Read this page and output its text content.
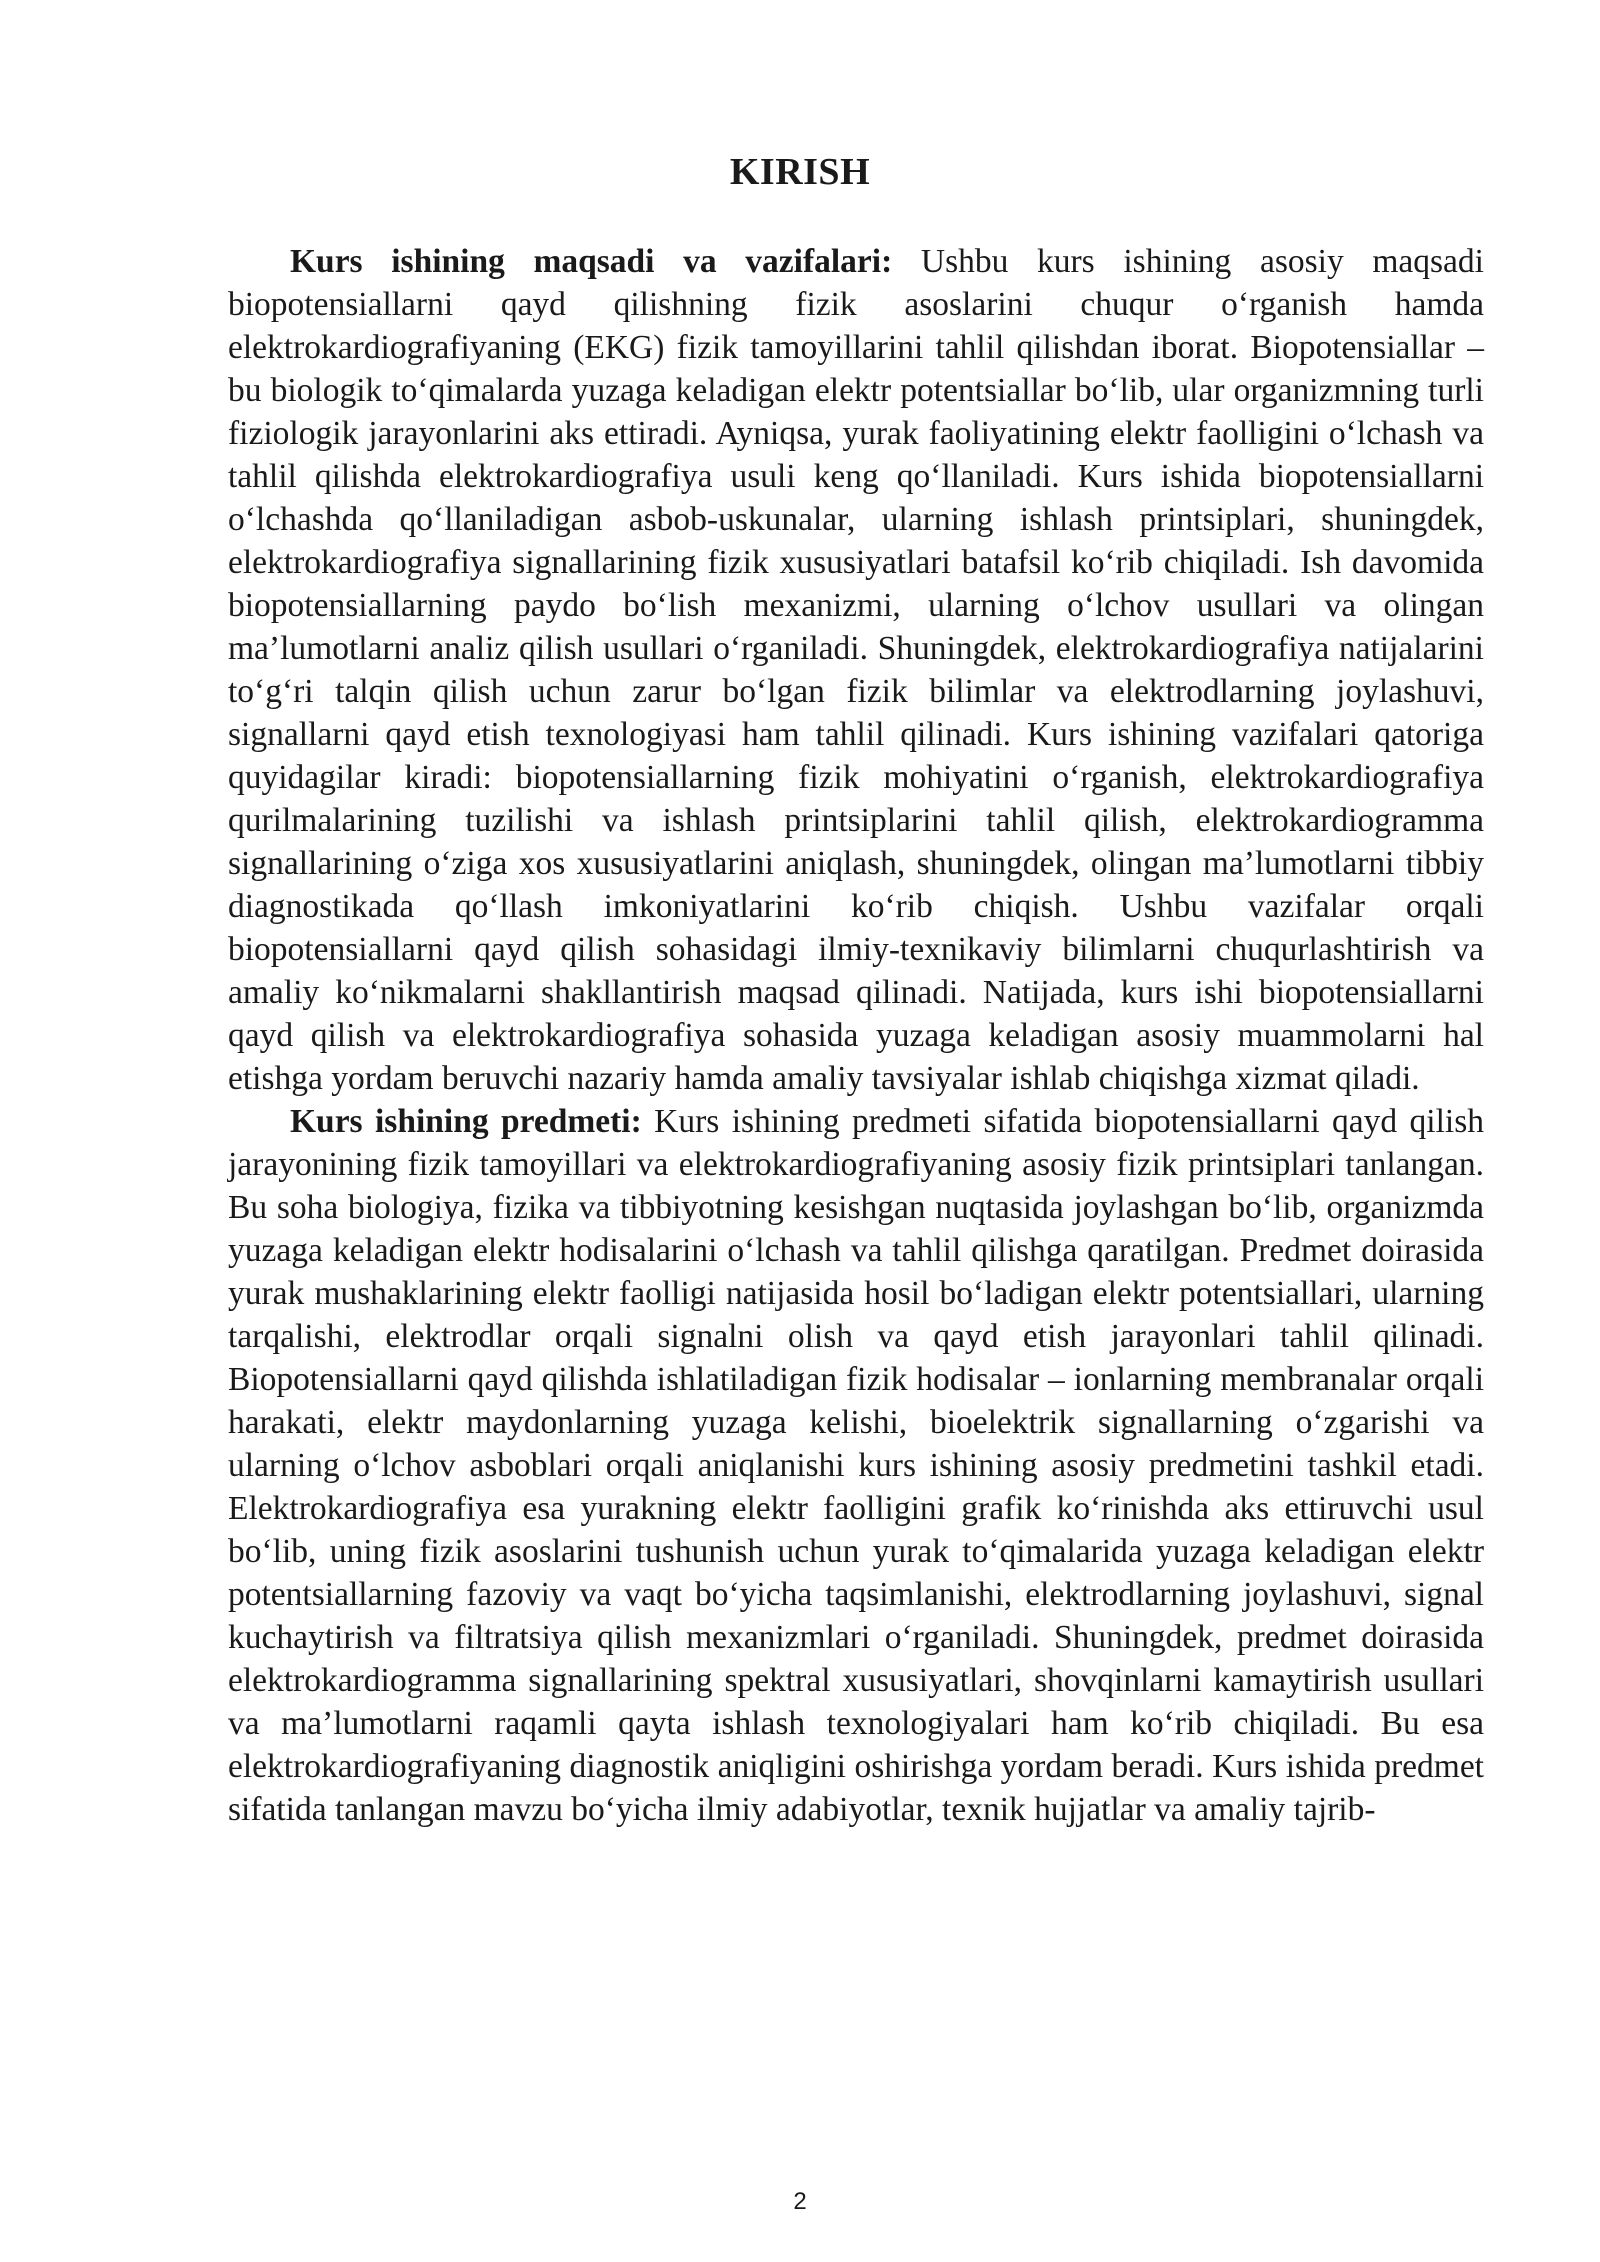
KIRISH

Kurs ishining maqsadi va vazifalari: Ushbu kurs ishining asosiy maqsadi biopotensiallarni qayd qilishning fizik asoslarini chuqur o‘rganish hamda elektrokardiografiyaning (EKG) fizik tamoyillarini tahlil qilishdan iborat. Biopotensiallar – bu biologik to‘qimalarda yuzaga keladigan elektr potentsiallar bo‘lib, ular organizmning turli fiziologik jarayonlarini aks ettiradi. Ayniqsa, yurak faoliyatining elektr faolligini o‘lchash va tahlil qilishda elektrokardiografiya usuli keng qo‘llaniladi. Kurs ishida biopotensiallarni o‘lchashda qo‘llaniladigan asbob-uskunalar, ularning ishlash printsiplari, shuningdek, elektrokardiografiya signallarining fizik xususiyatlari batafsil ko‘rib chiqiladi. Ish davomida biopotensiallarning paydo bo‘lish mexanizmi, ularning o‘lchov usullari va olingan ma’lumotlarni analiz qilish usullari o‘rganiladi. Shuningdek, elektrokardiografiya natijalarini to‘g‘ri talqin qilish uchun zarur bo‘lgan fizik bilimlar va elektrodlarning joylashuvi, signallarni qayd etish texnologiyasi ham tahlil qilinadi. Kurs ishining vazifalari qatoriga quyidagilar kiradi: biopotensiallarning fizik mohiyatini o‘rganish, elektrokardiografiya qurilmalarining tuzilishi va ishlash printsiplarini tahlil qilish, elektrokardiogramma signallarining o‘ziga xos xususiyatlarini aniqlash, shuningdek, olingan ma’lumotlarni tibbiy diagnostikada qo‘llash imkoniyatlarini ko‘rib chiqish. Ushbu vazifalar orqali biopotensiallarni qayd qilish sohasidagi ilmiy-texnikaviy bilimlarni chuqurlashtirish va amaliy ko‘nikmalarni shakllantirish maqsad qilinadi. Natijada, kurs ishi biopotensiallarni qayd qilish va elektrokardiografiya sohasida yuzaga keladigan asosiy muammolarni hal etishga yordam beruvchi nazariy hamda amaliy tavsiyalar ishlab chiqishga xizmat qiladi.

Kurs ishining predmeti: Kurs ishining predmeti sifatida biopotensiallarni qayd qilish jarayonining fizik tamoyillari va elektrokardiografiyaning asosiy fizik printsiplari tanlangan. Bu soha biologiya, fizika va tibbiyotning kesishgan nuqtasida joylashgan bo‘lib, organizmda yuzaga keladigan elektr hodisalarini o‘lchash va tahlil qilishga qaratilgan. Predmet doirasida yurak mushaklarining elektr faolligi natijasida hosil bo‘ladigan elektr potentsiallari, ularning tarqalishi, elektrodlar orqali signalni olish va qayd etish jarayonlari tahlil qilinadi. Biopotensiallarni qayd qilishda ishlatiladigan fizik hodisalar – ionlarning membranalar orqali harakati, elektr maydonlarning yuzaga kelishi, bioelektrik signallarning o‘zgarishi va ularning o‘lchov asboblari orqali aniqlanishi kurs ishining asosiy predmetini tashkil etadi. Elektrokardiografiya esa yurakning elektr faolligini grafik ko‘rinishda aks ettiruvchi usul bo‘lib, uning fizik asoslarini tushunish uchun yurak to‘qimalarida yuzaga keladigan elektr potentsiallarning fazoviy va vaqt bo‘yicha taqsimlanishi, elektrodlarning joylashuvi, signal kuchaytirish va filtratsiya qilish mexanizmlari o‘rganiladi. Shuningdek, predmet doirasida elektrokardiogramma signallarining spektral xususiyatlari, shovqinlarni kamaytirish usullari va ma’lumotlarni raqamli qayta ishlash texnologiyalari ham ko‘rib chiqiladi. Bu esa elektrokardiografiyaning diagnostik aniqligini oshirishga yordam beradi. Kurs ishida predmet sifatida tanlangan mavzu bo‘yicha ilmiy adabiyotlar, texnik hujjatlar va amaliy tajrib-

2
